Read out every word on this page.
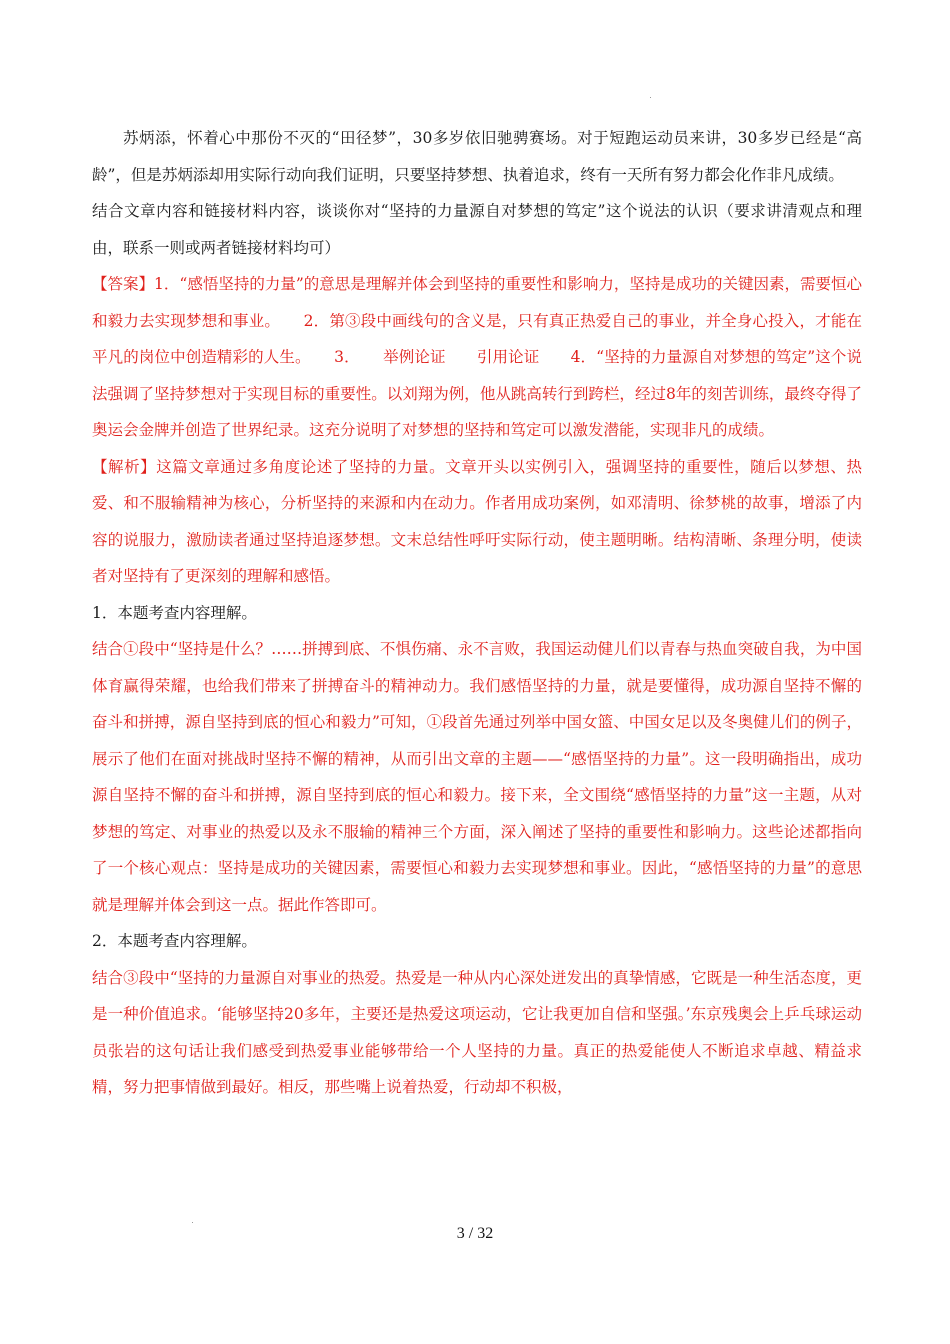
苏炳添，怀着心中那份不灭的“田径梦”，30多岁依旧驰骋赛场。对于短跑运动员来讲，30多岁已经是“高龄”，但是苏炳添却用实际行动向我们证明，只要坚持梦想、执着追求，终有一天所有努力都会化作非凡成绩。

结合文章内容和链接材料内容，谈谈你对“坚持的力量源自对梦想的笃定”这个说法的认识（要求讲清观点和理由，联系一则或两者链接材料均可）

【答案】1．“感悟坚持的力量”的意思是理解并体会到坚持的重要性和影响力，坚持是成功的关键因素，需要恒心和毅力去实现梦想和事业。　　2．第③段中画线句的含义是，只有真正热爱自己的事业，并全身心投入，才能在平凡的岗位中创造精彩的人生。　　3．　　举例论证　　引用论证　　4．“坚持的力量源自对梦想的笃定”这个说法强调了坚持梦想对于实现目标的重要性。以刘翔为例，他从跳高转行到跨栏，经过8年的刻苦训练，最终夺得了奥运会金牌并创造了世界纪录。这充分说明了对梦想的坚持和笃定可以激发潜能，实现非凡的成绩。

【解析】这篇文章通过多角度论述了坚持的力量。文章开头以实例引入，强调坚持的重要性，随后以梦想、热爱、和不服输精神为核心，分析坚持的来源和内在动力。作者用成功案例，如邓清明、徐梦桃的故事，增添了内容的说服力，激励读者通过坚持追逐梦想。文末总结性呼吁实际行动，使主题明晰。结构清晰、条理分明，使读者对坚持有了更深刻的理解和感悟。

1．本题考查内容理解。

结合①段中“坚持是什么？……拼搏到底、不惧伤痛、永不言败，我国运动健儿们以青春与热血突破自我，为中国体育赢得荣耀，也给我们带来了拼搏奋斗的精神动力。我们感悟坚持的力量，就是要懂得，成功源自坚持不懈的奋斗和拼搏，源自坚持到底的恒心和毅力”可知，①段首先通过列举中国女篮、中国女足以及冬奥健儿们的例子，展示了他们在面对挑战时坚持不懈的精神，从而引出文章的主题——“感悟坚持的力量”。这一段明确指出，成功源自坚持不懈的奋斗和拼搏，源自坚持到底的恒心和毅力。接下来，全文围绕“感悟坚持的力量”这一主题，从对梦想的笃定、对事业的热爱以及永不服输的精神三个方面，深入阐述了坚持的重要性和影响力。这些论述都指向了一个核心观点：坚持是成功的关键因素，需要恒心和毅力去实现梦想和事业。因此，“感悟坚持的力量”的意思就是理解并体会到这一点。据此作答即可。

2．本题考查内容理解。

结合③段中“坚持的力量源自对事业的热爱。热爱是一种从内心深处迸发出的真挚情感，它既是一种生活态度，更是一种价值追求。‘能够坚持20多年，主要还是热爱这项运动，它让我更加自信和坚强。’东京残奥会上乒乓球运动员张岩的这句话让我们感受到热爱事业能够带给一个人坚持的力量。真正的热爱能使人不断追求卓越、精益求精，努力把事情做到最好。相反，那些嘴上说着热爱，行动却不积极，

3 / 32
